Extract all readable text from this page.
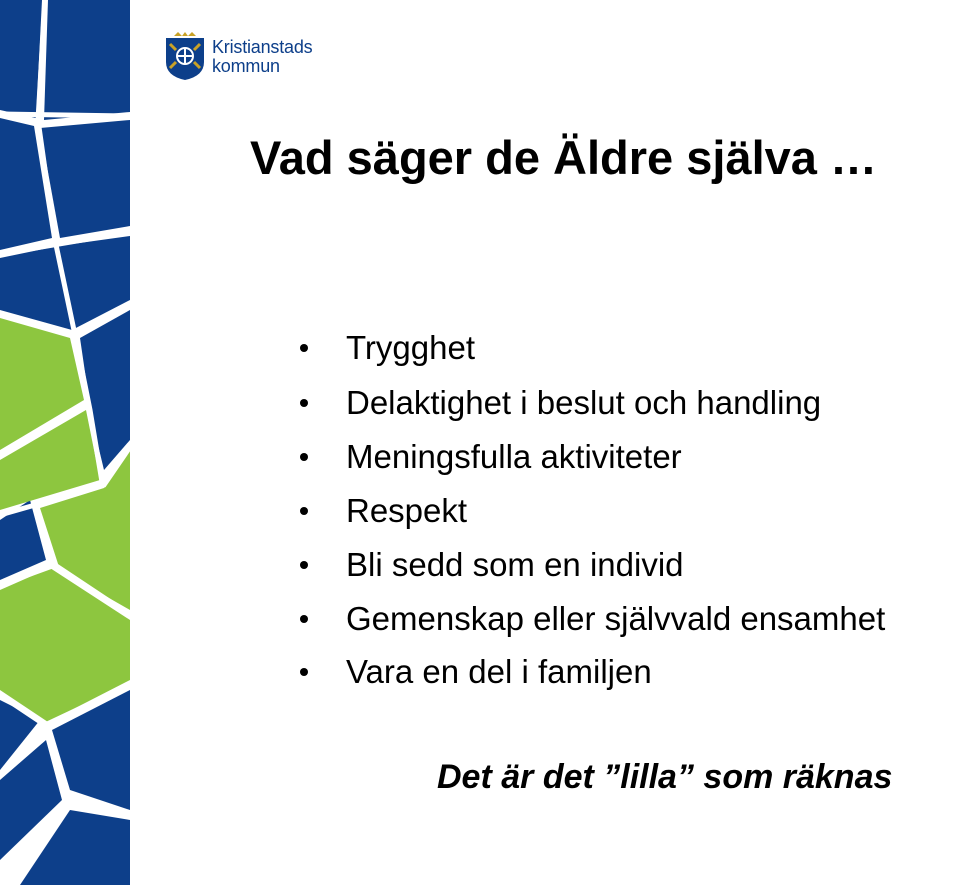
Kristianstads
kommun
Vad säger de Äldre själva …
Trygghet
Delaktighet i beslut och handling
Meningsfulla aktiviteter
Respekt
Bli sedd som en individ
Gemenskap eller självvald ensamhet
Vara en del i familjen

Det är det ”lilla” som räknas
